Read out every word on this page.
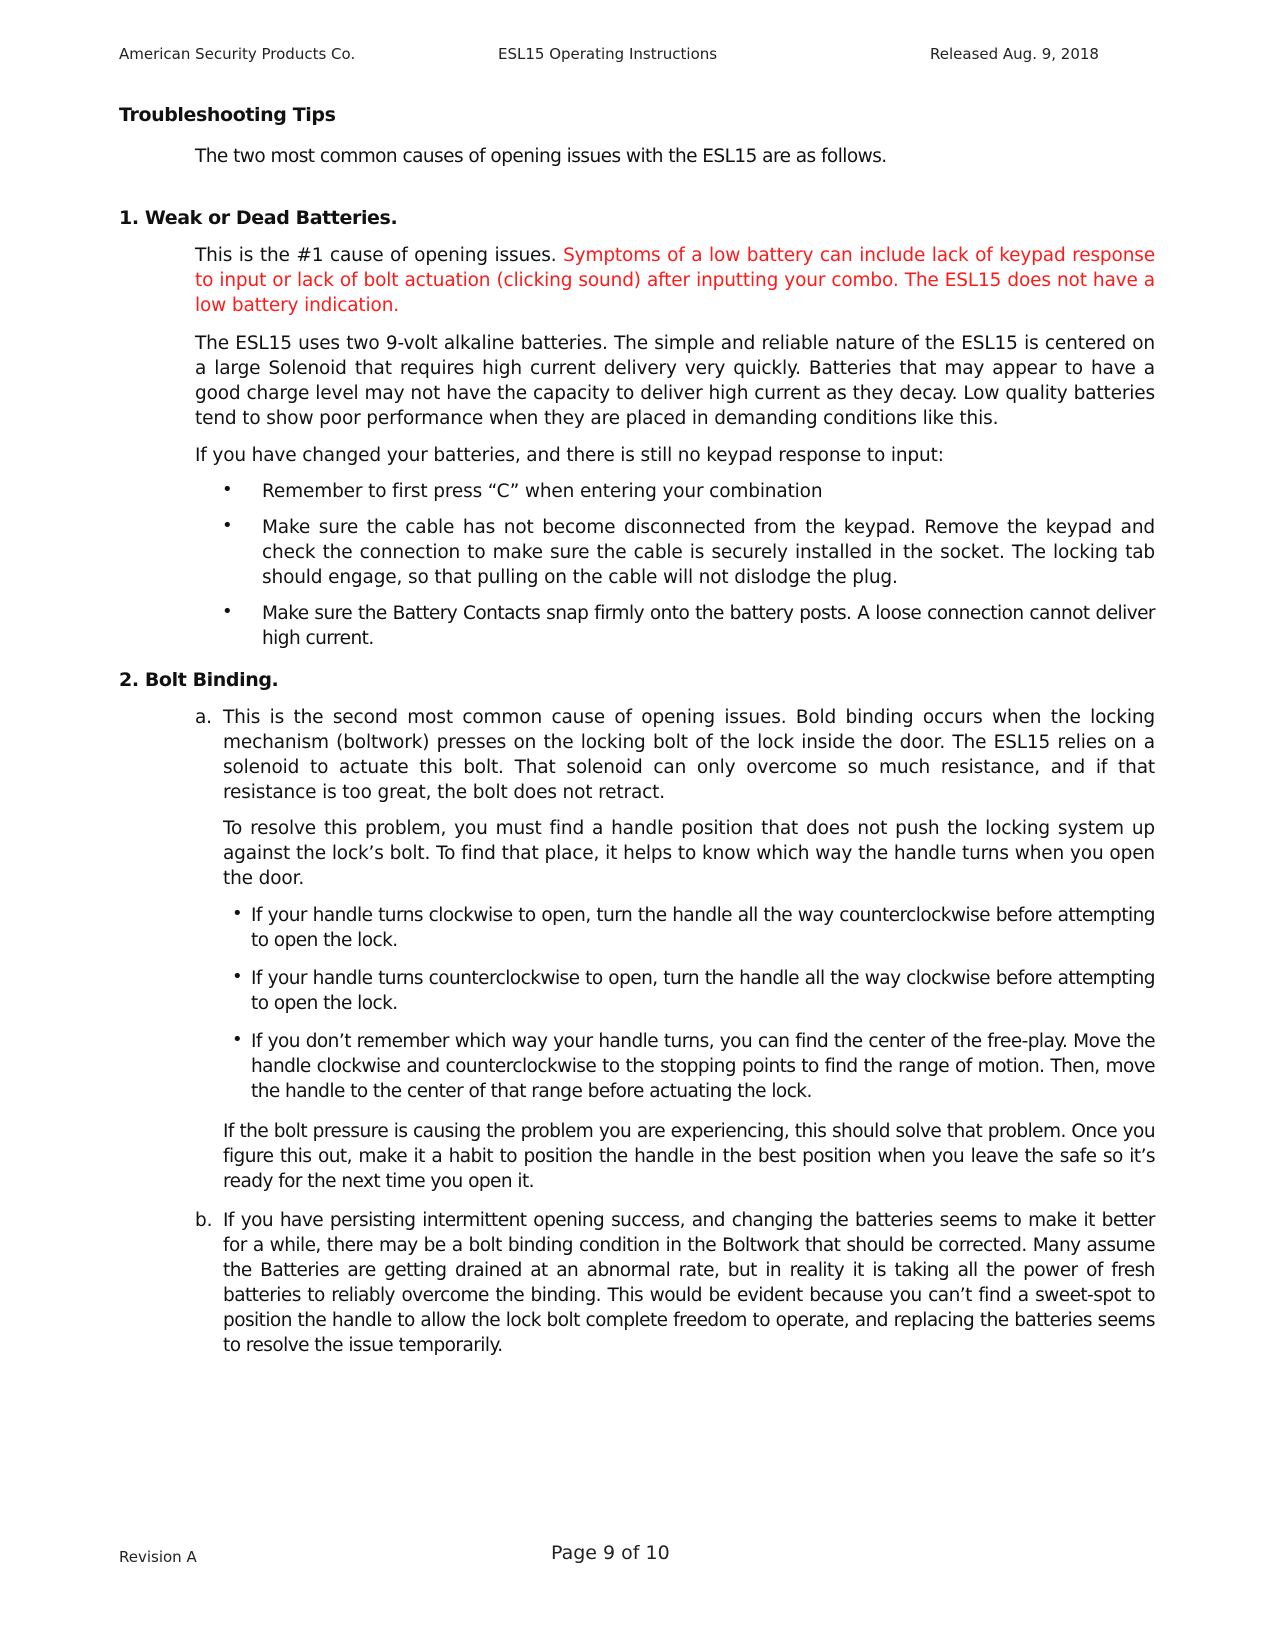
American Security Products Co.	ESL15 Operating Instructions	Released Aug. 9, 2018
Troubleshooting Tips

The two most common causes of opening issues with the ESL15 are as follows.

1. Weak or Dead Batteries.

This is the #1 cause of opening issues. Symptoms of a low battery can include lack of keypad response to input or lack of bolt actuation (clicking sound) after inputting your combo. The ESL15 does not have a low battery indication.

The ESL15 uses two 9-volt alkaline batteries. The simple and reliable nature of the ESL15 is centered on a large Solenoid that requires high current delivery very quickly. Batteries that may appear to have a good charge level may not have the capacity to deliver high current as they decay. Low quality batteries tend to show poor performance when they are placed in demanding conditions like this.

If you have changed your batteries, and there is still no keypad response to input:

• Remember to first press “C” when entering your combination

• Make sure the cable has not become disconnected from the keypad. Remove the keypad and check the connection to make sure the cable is securely installed in the socket. The locking tab should engage, so that pulling on the cable will not dislodge the plug.

• Make sure the Battery Contacts snap firmly onto the battery posts. A loose connection cannot deliver high current.

2. Bolt Binding.
a. This is the second most common cause of opening issues. Bold binding occurs when the locking mechanism (boltwork) presses on the locking bolt of the lock inside the door. The ESL15 relies on a solenoid to actuate this bolt. That solenoid can only overcome so much resistance, and if that resistance is too great, the bolt does not retract.

To resolve this problem, you must find a handle position that does not push the locking system up against the lock’s bolt. To find that place, it helps to know which way the handle turns when you open the door.

• If your handle turns clockwise to open, turn the handle all the way counterclockwise before attempting to open the lock.

• If your handle turns counterclockwise to open, turn the handle all the way clockwise before attempting to open the lock.

• If you don’t remember which way your handle turns, you can find the center of the free-play. Move the handle clockwise and counterclockwise to the stopping points to find the range of motion. Then, move the handle to the center of that range before actuating the lock.

If the bolt pressure is causing the problem you are experiencing, this should solve that problem. Once you figure this out, make it a habit to position the handle in the best position when you leave the safe so it’s ready for the next time you open it.

b. If you have persisting intermittent opening success, and changing the batteries seems to make it better for a while, there may be a bolt binding condition in the Boltwork that should be corrected. Many assume the Batteries are getting drained at an abnormal rate, but in reality it is taking all the power of fresh batteries to reliably overcome the binding. This would be evident because you can’t find a sweet-spot to position the handle to allow the lock bolt complete freedom to operate, and replacing the batteries seems to resolve the issue temporarily.

Revision A	Page 9 of 10
